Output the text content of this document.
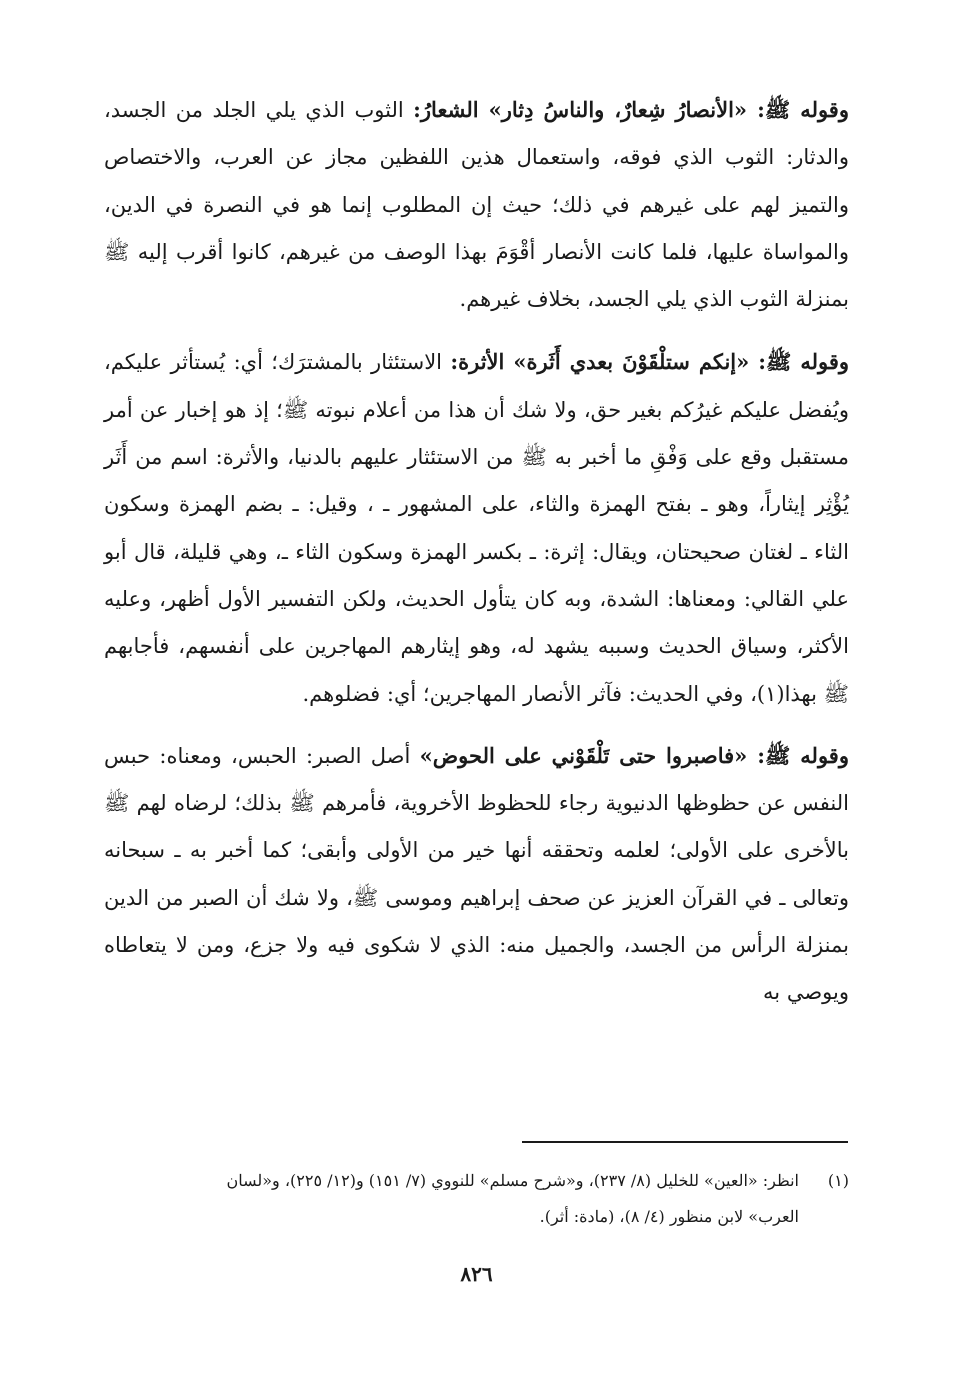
وقوله ﷺ: «الأنصارُ شِعارٌ، والناسُ دِثار» الشعارُ: الثوب الذي يلي الجلد من الجسد، والدثار: الثوب الذي فوقه، واستعمال هذين اللفظين مجاز عن العرب، والاختصاص والتميز لهم على غيرهم في ذلك؛ حيث إن المطلوب إنما هو في النصرة في الدين، والمواساة عليها، فلما كانت الأنصار أقْوَمَ بهذا الوصف من غيرهم، كانوا أقرب إليه ﷺ بمنزلة الثوب الذي يلي الجسد، بخلاف غيرهم.

وقوله ﷺ: «إنكم ستلْقَوْنَ بعدي أَثَرة» الأثرة: الاستئثار بالمشترَك؛ أي: يُستأثر عليكم، ويُفضل عليكم غيرُكم بغير حق، ولا شك أن هذا من أعلام نبوته ﷺ؛ إذ هو إخبار عن أمر مستقبل وقع على وَفْقِ ما أخبر به ﷺ من الاستئثار عليهم بالدنيا، والأثرة: اسم من أَثَر يُؤْثِر إيثاراً، وهو ـ بفتح الهمزة والثاء، على المشهور ـ ، وقيل: ـ بضم الهمزة وسكون الثاء ـ لغتان صحيحتان، ويقال: إثرة: ـ بكسر الهمزة وسكون الثاء ـ، وهي قليلة، قال أبو علي القالي: ومعناها: الشدة، وبه كان يتأول الحديث، ولكن التفسير الأول أظهر، وعليه الأكثر، وسياق الحديث وسببه يشهد له، وهو إيثارهم المهاجرين على أنفسهم، فأجابهم ﷺ بهذا(١)، وفي الحديث: فآثر الأنصار المهاجرين؛ أي: فضلوهم.

وقوله ﷺ: «فاصبروا حتى تَلْقَوْني على الحوض» أصل الصبر: الحبس، ومعناه: حبس النفس عن حظوظها الدنيوية رجاء للحظوظ الأخروية، فأمرهم ﷺ بذلك؛ لرضاه لهم ﷺ بالأخرى على الأولى؛ لعلمه وتحققه أنها خير من الأولى وأبقى؛ كما أخبر به ـ سبحانه وتعالى ـ في القرآن العزيز عن صحف إبراهيم وموسى ﷺ، ولا شك أن الصبر من الدين بمنزلة الرأس من الجسد، والجميل منه: الذي لا شكوى فيه ولا جزع، ومن لا يتعاطاه ويوصي به

(١)انظر: «العين» للخليل (٨/ ٢٣٧)، و«شرح مسلم» للنووي (٧/ ١٥١) و(١٢/ ٢٢٥)، و«لسان
العرب» لابن منظور (٤/ ٨)، (مادة: أثر).
٨٢٦
